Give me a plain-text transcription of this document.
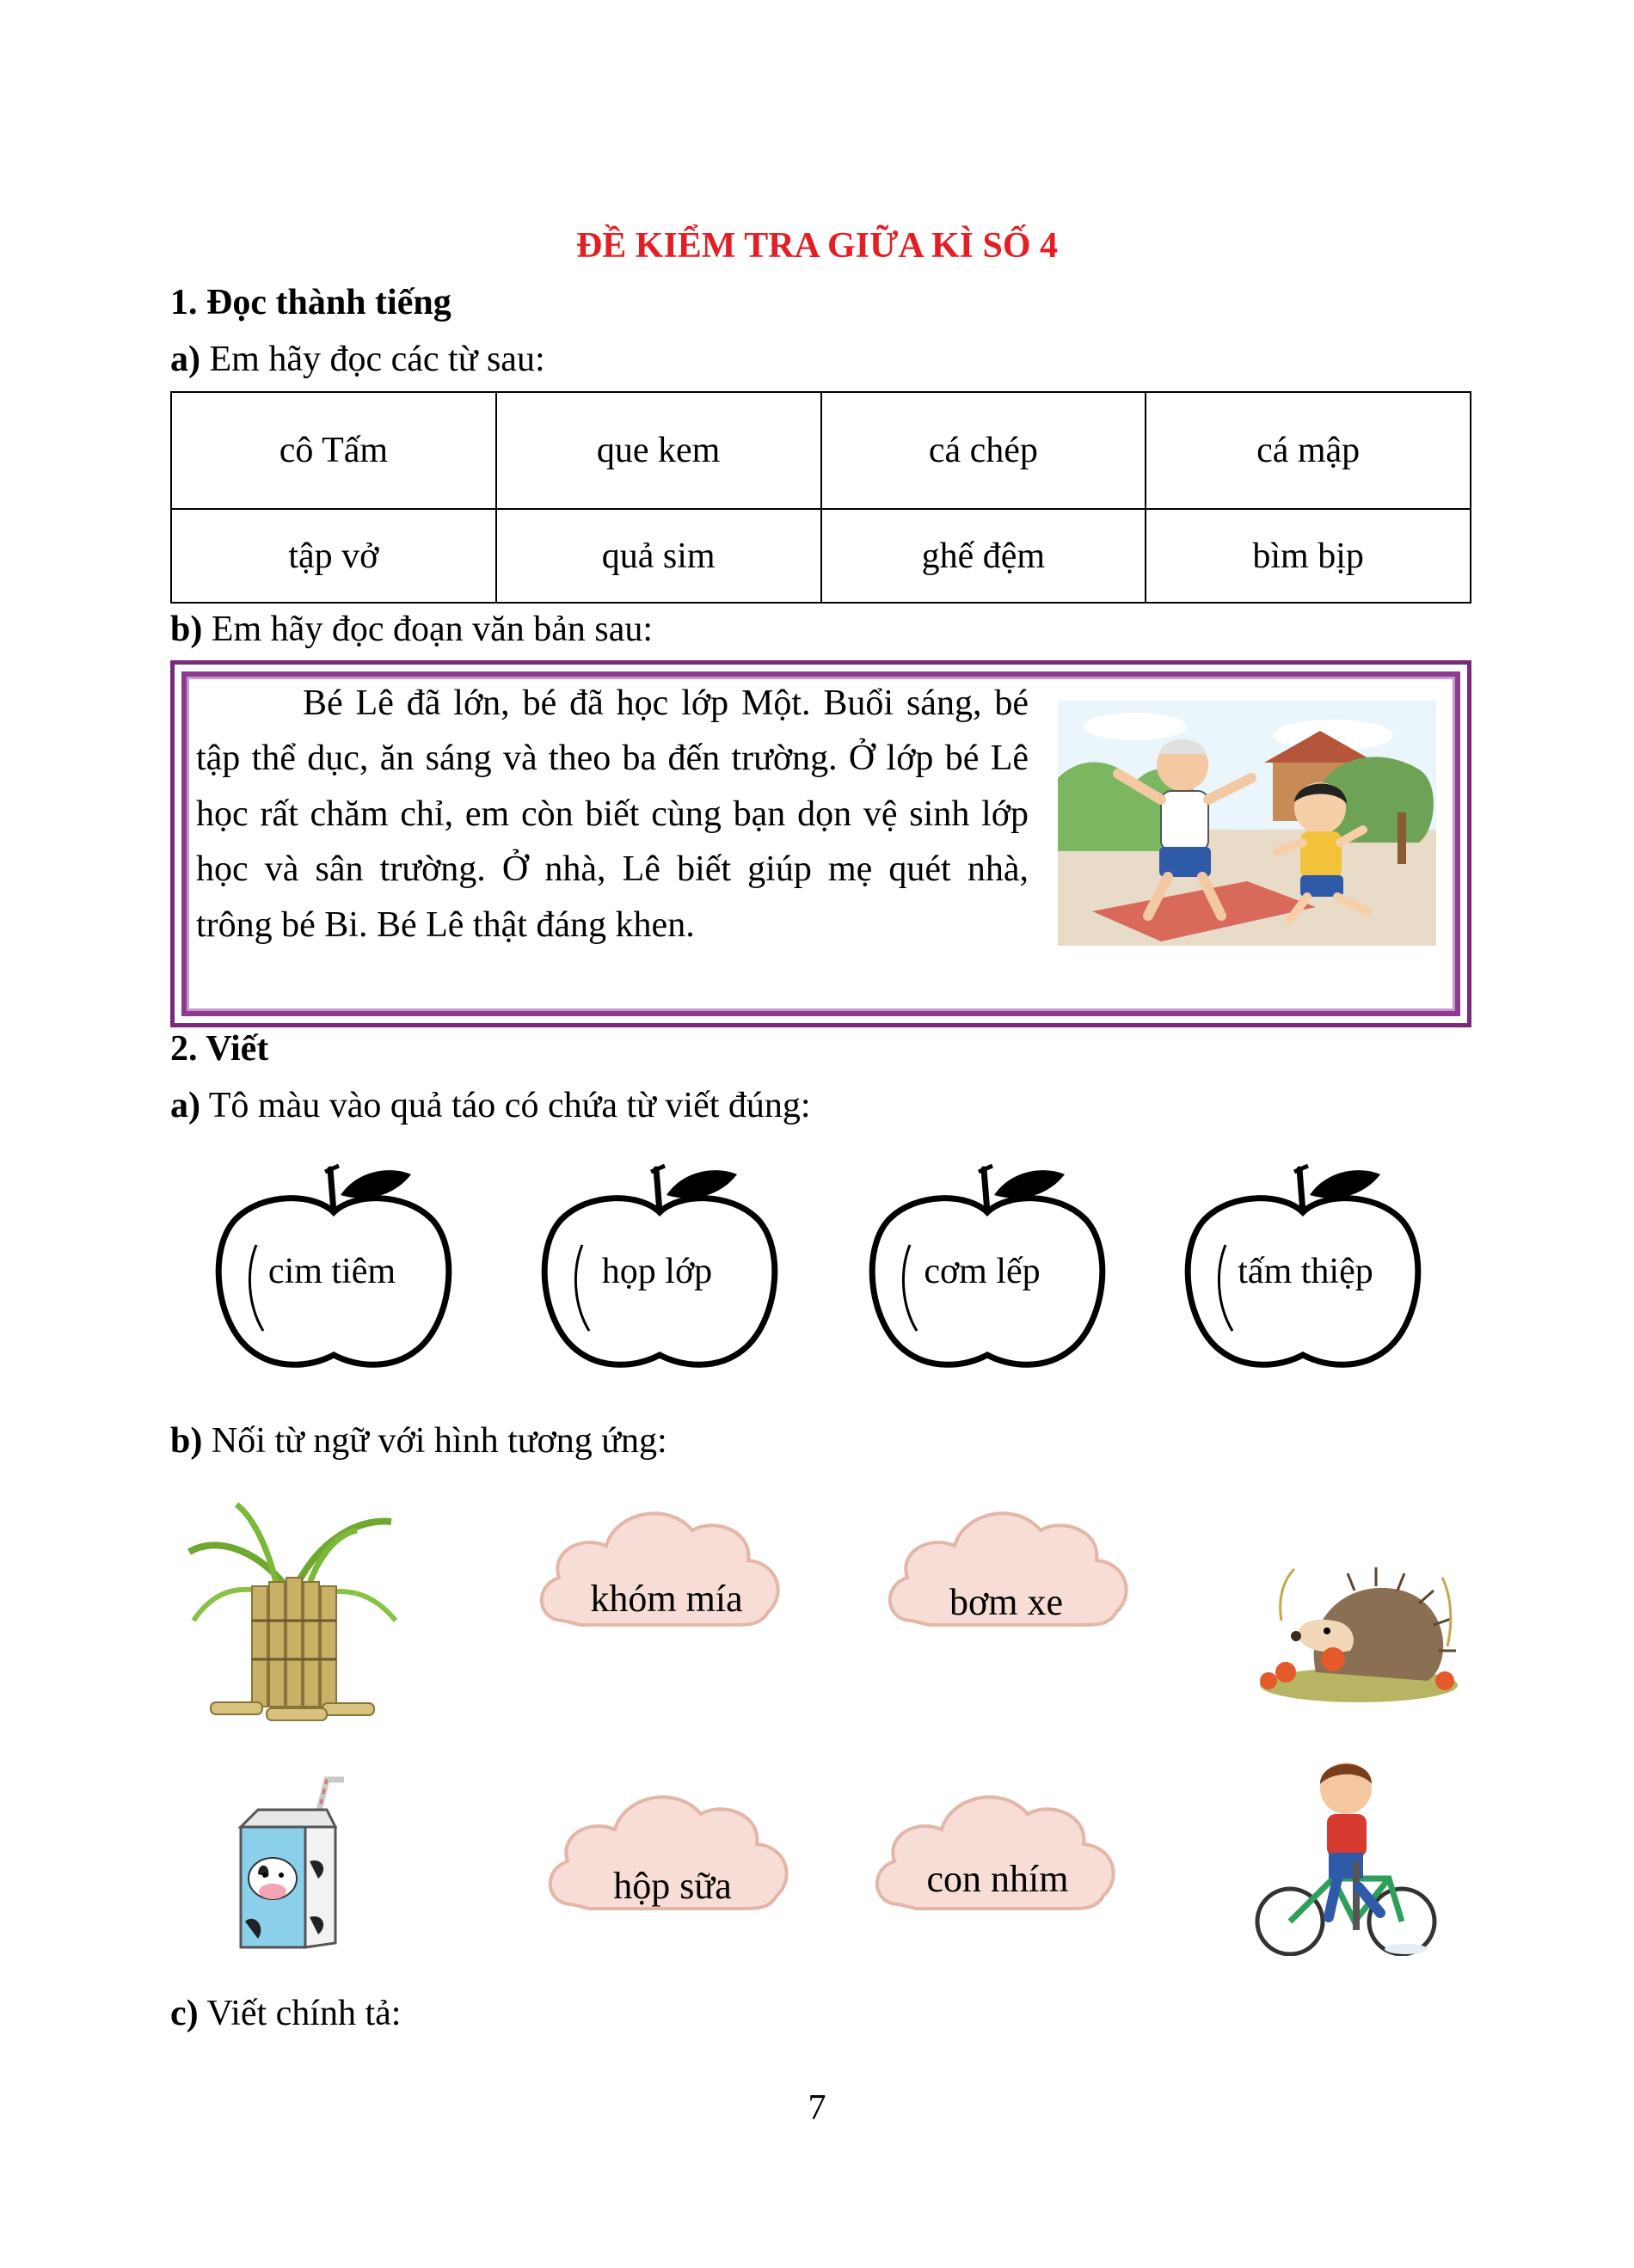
ĐỀ KIỂM TRA GIỮA KÌ SỐ 4
1. Đọc thành tiếng
a) Em hãy đọc các từ sau:
cô Tấm	que kem	cá chép	cá mập
tập vở	quả sim	ghế đệm	bìm bịp
b) Em hãy đọc đoạn văn bản sau:
Bé Lê đã lớn, bé đã học lớp Một. Buổi sáng, bé tập thể dục, ăn sáng và theo ba đến trường. Ở lớp bé Lê học rất chăm chỉ, em còn biết cùng bạn dọn vệ sinh lớp học và sân trường. Ở nhà, Lê biết giúp mẹ quét nhà, trông bé Bi. Bé Lê thật đáng khen.
2. Viết
a) Tô màu vào quả táo có chứa từ viết đúng:
cim tiêm	họp lớp	cơm lếp	tấm thiệp
b) Nối từ ngữ với hình tương ứng:
khóm mía	bơm xe
hộp sữa	con nhím
c) Viết chính tả:
7
